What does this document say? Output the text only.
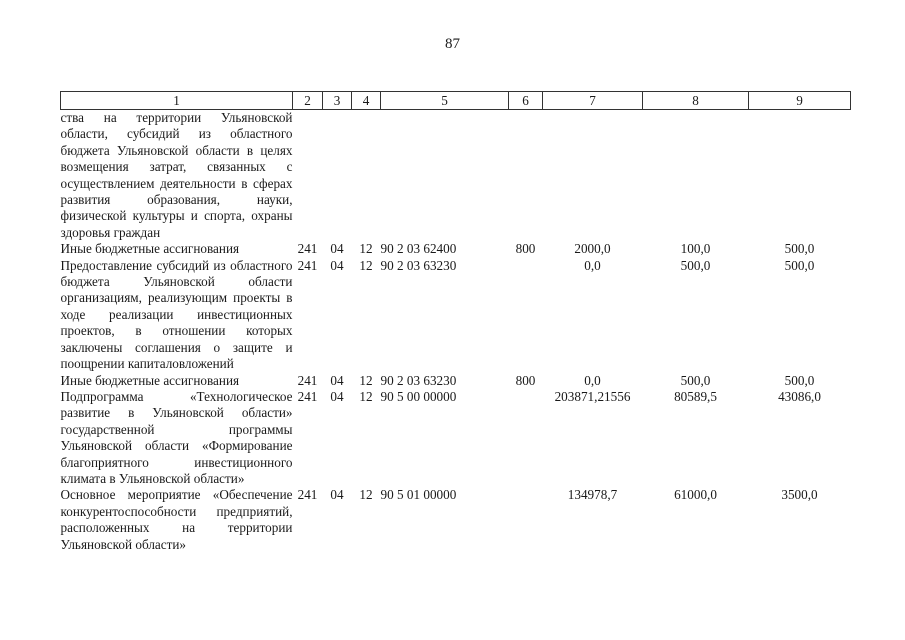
87
1	2	3	4	5	6	7	8	9
ства на территории Ульяновской области, субсидий из областного бюджета Ульяновской области в целях возмещения затрат, связанных с осуществлением деятельности в сферах развития образования, науки, физической культуры и спорта, охраны здоровья граждан								
Иные бюджетные ассигнования	241	04	12	90 2 03 62400	800	2000,0	100,0	500,0
Предоставление субсидий из областного бюджета Ульяновской области организациям, реализующим проекты в ходе реализации инвестиционных проектов, в отношении которых заключены соглашения о защите и поощрении капиталовложений	241	04	12	90 2 03 63230		0,0	500,0	500,0
Иные бюджетные ассигнования	241	04	12	90 2 03 63230	800	0,0	500,0	500,0
Подпрограмма «Технологическое развитие в Ульяновской области» государственной программы Ульяновской области «Формирование благоприятного инвестиционного климата в Ульяновской области»	241	04	12	90 5 00 00000		203871,21556	80589,5	43086,0
Основное мероприятие «Обеспечение конкурентоспособности предприятий, расположенных на территории Ульяновской области»	241	04	12	90 5 01 00000		134978,7	61000,0	3500,0
